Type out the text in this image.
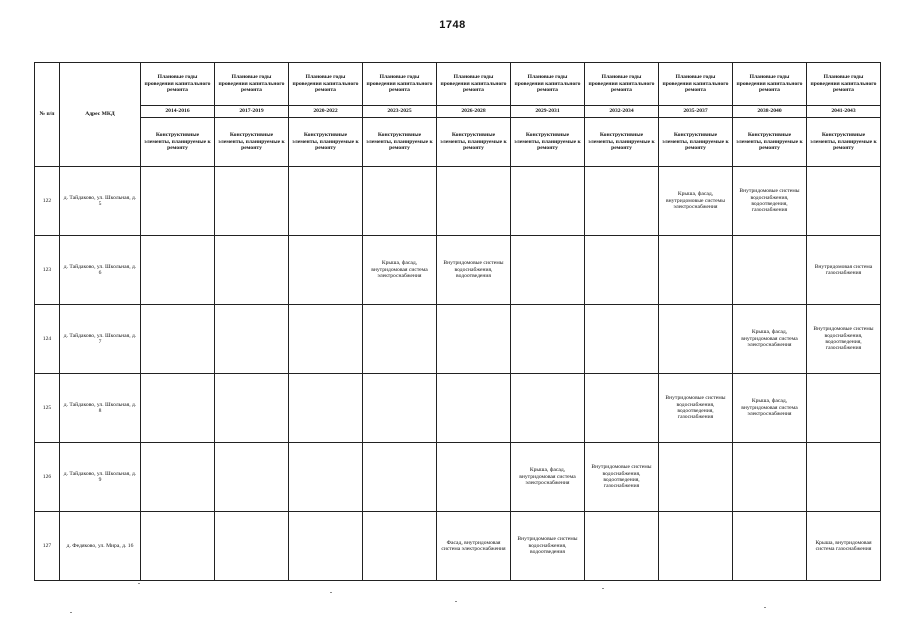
1748
№ п/п	Адрес МКД	Плановые годы проведения капитального ремонта	Плановые годы проведения капитального ремонта	Плановые годы проведения капитального ремонта	Плановые годы проведения капитального ремонта	Плановые годы проведения капитального ремонта	Плановые годы проведения капитального ремонта	Плановые годы проведения капитального ремонта	Плановые годы проведения капитального ремонта	Плановые годы проведения капитального ремонта	Плановые годы проведения капитального ремонта
		2014-2016	2017-2019	2020-2022	2023-2025	2026-2028	2029-2031	2032-2034	2035-2037	2038-2040	2041-2043
		Конструктивные элементы, планируемые к ремонту	Конструктивные элементы, планируемые к ремонту	Конструктивные элементы, планируемые к ремонту	Конструктивные элементы, планируемые к ремонту	Конструктивные элементы, планируемые к ремонту	Конструктивные элементы, планируемые к ремонту	Конструктивные элементы, планируемые к ремонту	Конструктивные элементы, планируемые к ремонту	Конструктивные элементы, планируемые к ремонту	Конструктивные элементы, планируемые к ремонту
122	д. Тайдаково, ул. Школьная, д. 5								Крыша, фасад, внутридомовые системы электроснабжения	Внутридомовые системы водоснабжения, водоотведения, газоснабжения	
123	д. Тайдаково, ул. Школьная, д. 6				Крыша, фасад, внутридомовая система электроснабжения	Внутридомовые системы водоснабжения, водоотведения					Внутридомовая система газоснабжения
124	д. Тайдаково, ул. Школьная, д. 7									Крыша, фасад, внутридомовая система электроснабжения	Внутридомовые системы водоснабжения, водоотведения, газоснабжения
125	д. Тайдаково, ул. Школьная, д. 8								Внутридомовые системы водоснабжения, водоотведения, газоснабжения	Крыша, фасад, внутридомовая система электроснабжения	
126	д. Тайдаково, ул. Школьная, д. 9						Крыша, фасад, внутридомовая система электроснабжения	Внутридомовые системы водоснабжения, водоотведения, газоснабжения			
127	д. Федяково, ул. Мира, д. 16					Фасад, внутридомовая система электроснабжения	Внутридомовые системы водоснабжения, водоотведения				Крыша, внутридомовая система газоснабжения
